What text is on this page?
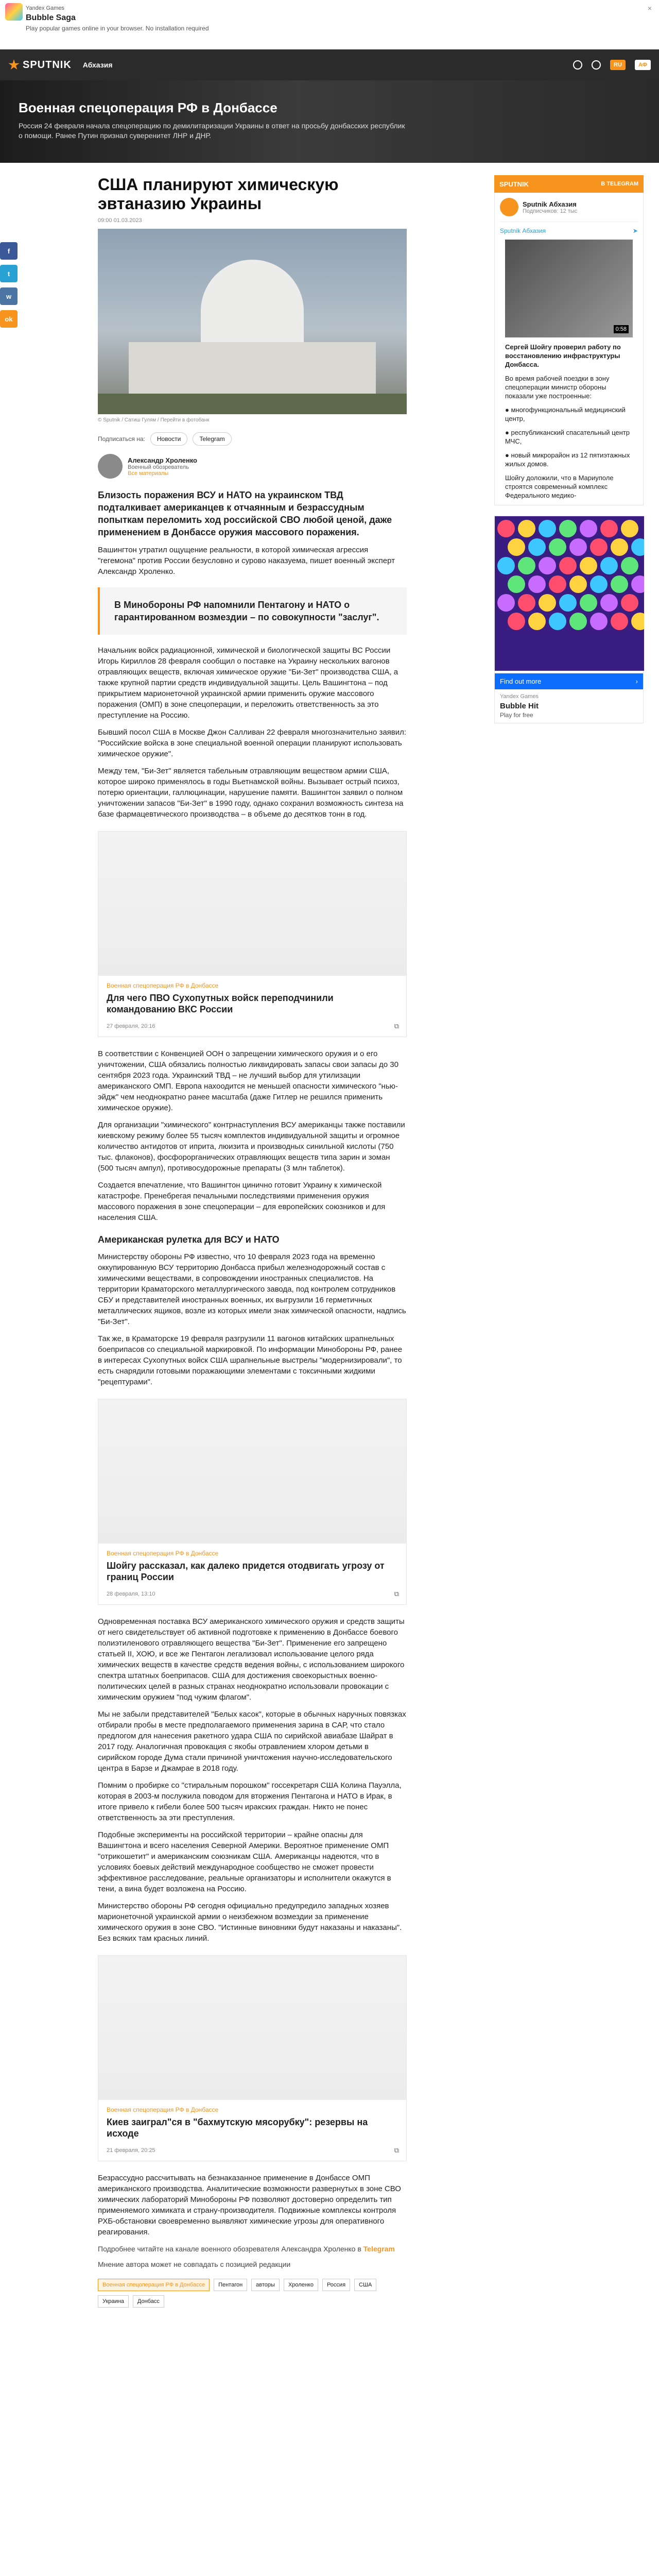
Yandex Games
Bubble Saga
Play popular games online in your browser. No installation required
×
SPUTNIK Абхазия	RU	АФ
Военная спецоперация РФ в Донбассе

Россия 24 февраля начала спецоперацию по демилитаризации Украины в ответ на просьбу донбасских республик о помощи. Ранее Путин признал суверенитет ЛНР и ДНР.

f
t
w
ok
США планируют химическую эвтаназию Украины
09:00 01.03.2023
© Sputnik / Сатиш Гулям / Перейти в фотобанк
Подписаться на:	Новости	Telegram
Александр Хроленко
Военный обозреватель
Все материалы
Близость поражения ВСУ и НАТО на украинском ТВД подталкивает американцев к отчаянным и безрассудным попыткам переломить ход российской СВО любой ценой, даже применением в Донбассе оружия массового поражения.
Вашингтон утратил ощущение реальности, в которой химическая агрессия "гегемона" против России безусловно и сурово наказуема, пишет военный эксперт Александр Хроленко.
В Минобороны РФ напомнили Пентагону и НАТО о гарантированном возмездии – по совокупности "заслуг".
Начальник войск радиационной, химической и биологической защиты ВС России Игорь Кириллов 28 февраля сообщил о поставке на Украину нескольких вагонов отравляющих веществ, включая химическое оружие "Би-Зет" производства США, а также крупной партии средств индивидуальной защиты. Цель Вашингтона – под прикрытием марионеточной украинской армии применить оружие массового поражения (ОМП) в зоне спецоперации, и переложить ответственность за это преступление на Россию.
Бывший посол США в Москве Джон Салливан 22 февраля многозначительно заявил: "Российские войска в зоне специальной военной операции планируют использовать химическое оружие".
Между тем, "Би-Зет" является табельным отравляющим веществом армии США, которое широко применялось в годы Вьетнамской войны. Вызывает острый психоз, потерю ориентации, галлюцинации, нарушение памяти. Вашингтон заявил о полном уничтожении запасов "Би-Зет" в 1990 году, однако сохранил возможность синтеза на базе фармацевтического производства – в объеме до десятков тонн в год.
Военная спецоперация РФ в Донбассе
Для чего ПВО Сухопутных войск переподчинили командованию ВКС России
27 февраля, 20:16	⧉
В соответствии с Конвенцией ООН о запрещении химического оружия и о его уничтожении, США обязались полностью ликвидировать запасы свои запасы до 30 сентября 2023 года. Украинский ТВД – не лучший выбор для утилизации американского ОМП. Европа нахоодится не меньшей опасности химического "нью-эйдж" чем неоднократно ранее масштаба (даже Гитлер не решился применить химическое оружие).
Для организации "химического" контрнаступления ВСУ американцы также поставили киевскому режиму более 55 тысяч комплектов индивидуальной защиты и огромное количество антидотов от иприта, люизита и производных синильной кислоты (750 тыс. флаконов), фосфорорганических отравляющих веществ типа зарин и зоман (500 тысяч ампул), противосудорожные препараты (3 млн таблеток).
Создается впечатление, что Вашингтон цинично готовит Украину к химической катастрофе. Пренебрегая печальными последствиями применения оружия массового поражения в зоне спецоперации – для европейских союзников и для населения США.
Американская рулетка для ВСУ и НАТО
Министерству обороны РФ известно, что 10 февраля 2023 года на временно оккупированную ВСУ территорию Донбасса прибыл железнодорожный состав с химическими веществами, в сопровождении иностранных специалистов. На территории Краматорского металлургического завода, под контролем сотрудников СБУ и представителей иностранных военных, их выгрузили 16 герметичных металлических ящиков, возле из которых имели знак химической опасности, надпись "Би-Зет".
Так же, в Краматорске 19 февраля разгрузили 11 вагонов китайских шрапнельных боеприпасов со специальной маркировкой. По информации Минобороны РФ, ранее в интересах Сухопутных войск США шрапнельные выстрелы "модернизировали", то есть снарядили готовыми поражающими элементами с токсичными жидкими "рецептурами".
Военная спецоперация РФ в Донбассе
Шойгу рассказал, как далеко придется отодвигать угрозу от границ России
28 февраля, 13:10	⧉
Одновременная поставка ВСУ американского химического оружия и средств защиты от него свидетельствует об активной подготовке к применению в Донбассе боевого полиэтиленового отравляющего вещества "Би-Зет". Применение его запрещено статьей II, ХОЮ, и все же Пентагон легализовал использование целого ряда химических веществ в качестве средств ведения войны, с использованием широкого спектра штатных боеприпасов. США для достижения своекорыстных военно-политических целей в разных странах неоднократно использовали провокации с химическим оружием "под чужим флагом".
Мы не забыли представителей "Белых касок", которые в обычных наручных повязках отбирали пробы в месте предполагаемого применения зарина в САР, что стало предлогом для нанесения ракетного удара США по сирийской авиабазе Шайрат в 2017 году. Аналогичная провокация с якобы отравлением хлором детьми в сирийском городе Дума стали причиной уничтожения научно-исследовательского центра в Барзе и Джамрае в 2018 году.
Помним о пробирке со "стиральным порошком" госсекретаря США Колина Пауэлла, которая в 2003-м послужила поводом для вторжения Пентагона и НАТО в Ирак, в итоге привело к гибели более 500 тысяч иракских граждан. Никто не понес ответственность за эти преступления.
Подобные эксперименты на российской территории – крайне опасны для Вашингтона и всего населения Северной Америки. Вероятное применение ОМП "отрикошетит" и американским союзникам США. Американцы надеются, что в условиях боевых действий международное сообщество не сможет провести эффективное расследование, реальные организаторы и исполнители окажутся в тени, а вина будет возложена на Россию.
Министерство обороны РФ сегодня официально предупредило западных хозяев марионеточной украинской армии о неизбежном возмездии за применение химического оружия в зоне СВО. "Истинные виновники будут наказаны и наказаны". Без всяких там красных линий.
Военная спецоперация РФ в Донбассе
Киев заиграл"ся в "бахмутскую мясорубку": резервы на исходе
21 февраля, 20:25	⧉
Безрассудно рассчитывать на безнаказанное применение в Донбассе ОМП американского производства. Аналитические возможности развернутых в зоне СВО химических лабораторий Минобороны РФ позволяют достоверно определить тип применяемого химиката и страну-производителя. Подвижные комплексы контроля РХБ-обстановки своевременно выявляют химические угрозы для оперативного реагирования.
Подробнее читайте на канале военного обозревателя Александра Хроленко в Telegram
Мнение автора может не совпадать с позицией редакции
Военная спецоперация РФ в Донбассе	Пентагон	авторы	Хроленко	Россия	США
Украина	Донбасс
SPUTNIK	В TELEGRAM
Sputnik Абхазия
Подписчиков: 12 тыс
Sputnik Абхазия	➤
0:58

Сергей Шойгу проверил работу по восстановлению инфраструктуры Донбасса.

Во время рабочей поездки в зону спецоперации министр обороны показали уже построенные:

● многофункциональный медицинский центр,

● республиканский спасательный центр МЧС,

● новый микрорайон из 12 пятиэтажных жилых домов.

Шойгу доложили, что в Мариуполе строятся современный комплекс Федерального медико-

Find out more	›
Yandex Games
Bubble Hit
Play for free
